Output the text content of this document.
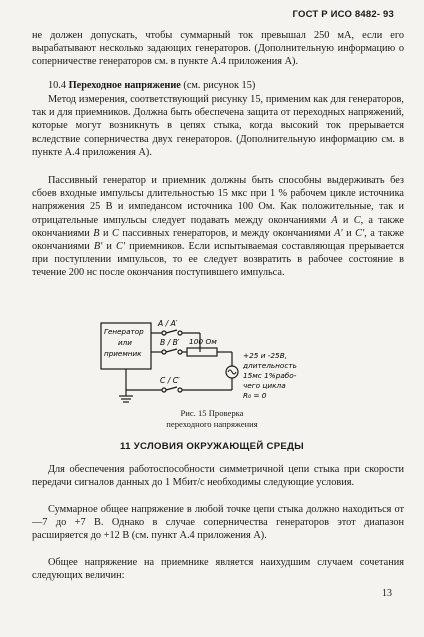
ГОСТ Р ИСО 8482- 93

не должен допускать, чтобы суммарный ток превышал 250 мА, если его вырабатывают несколько задающих генераторов. (Дополнительную информацию о соперничестве генераторов см. в пункте А.4 приложения А).

10.4 Переходное напряжение (см. рисунок 15)

Метод измерения, соответствующий рисунку 15, применим как для генераторов, так и для приемников. Должна быть обеспечена защита от переходных напряжений, которые могут возникнуть в цепях стыка, когда высокий ток прерывается вследствие соперничества двух генераторов. (Дополнительную информацию см. в пункте А.4 приложения А).

Пассивный генератор и приемник должны быть способны выдерживать без сбоев входные импульсы длительностью 15 мкс при 1 % рабочем цикле источника напряжения 25 В и импедансом источника 100 Ом. Как положительные, так и отрицательные импульсы следует подавать между окончаниями A и C, а также окончаниями B и C пассивных генераторов, и между окончаниями A′ и C′, а также окончаниями B′ и C′ приемников. Если испытываемая составляющая прерывается при поступлении импульсов, то ее следует возвратить в рабочее состояние в течение 200 нс после окончания поступившего импульса.

Генератор
или
приемник
A / A′
B / B′
C / C′
100 Ом
+25 и -25В,
длительность
15мс 1%рабо-
чего цикла
R₀ = 0
Рис. 15 Проверка
переходного напряжения
11 УСЛОВИЯ ОКРУЖАЮЩЕЙ СРЕДЫ

Для обеспечения работоспособности симметричной цепи стыка при скорости передачи сигналов данных до 1 Мбит/с необходимы следующие условия.

Суммарное общее напряжение в любой точке цепи стыка должно находиться от —7 до +7 В. Однако в случае соперничества генераторов этот диапазон расширяется до +12 В (см. пункт А.4 приложения А).

Общее напряжение на приемнике является наихудшим случаем сочетания следующих величин:

13
